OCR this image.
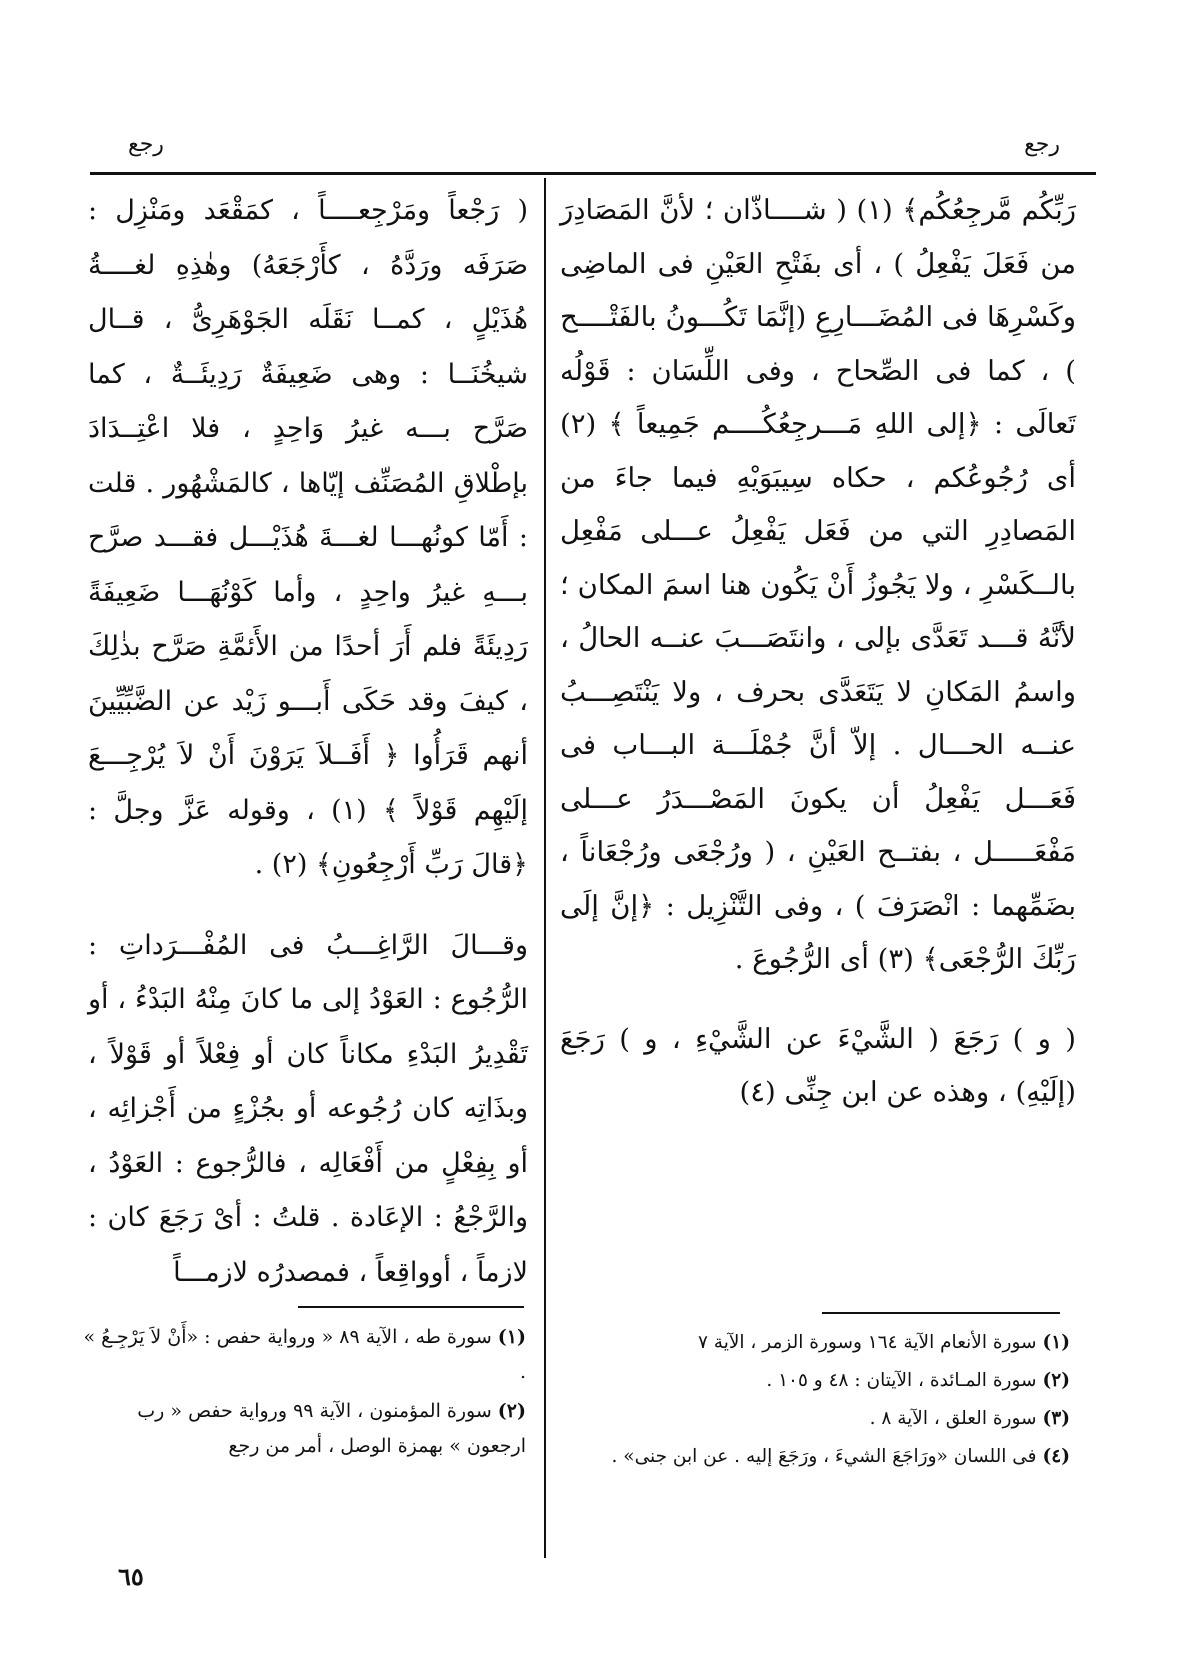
رجع
رجع

رَبِّكُم مَّرجِعُكُم﴾ (١) ( شــــاذّان ؛ لأنَّ المَصَادِرَ من فَعَلَ يَفْعِلُ ) ، أى بفَتْحِ العَيْنِ فى الماضِى وكَسْرِهَا فى المُضَـــارِعِ (إنَّمَا تَكُـــونُ بالفَتْــــح ) ، كما فى الصِّحاح ، وفى اللِّسَان : قَوْلُه تَعالَى : ﴿إلى اللهِ مَـــرجِعُكُــــم جَمِيعاً ﴾ (٢) أى رُجُوعُكم ، حكاه سِيبَوَيْهِ فيما جاءَ من المَصادِرِ التي من فَعَل يَفْعِلُ عـــلى مَفْعِل بالــكَسْرِ ، ولا يَجُوزُ أَنْ يَكُون هنا اسمَ المكان ؛ لأنَّهُ قـــد تَعَدَّى بإلى ، وانتَصَـــبَ عنــه الحالُ ، واسمُ المَكانِ لا يَتَعَدَّى بحرف ، ولا يَنْتَصِـــبُ عنــه الحـــال . إلاّ أنَّ جُمْلَـــة البـــاب فى فَعَـــل يَفْعِلُ أن يكونَ المَصْـــدَرُ عـــلى مَفْعَـــــل ، بفتــح العَيْنِ ، ( ورُجْعَى ورُجْعَاناً ، بضَمِّهما : انْصَرَفَ ) ، وفى التَّنْزِيل : ﴿إنَّ إلَى رَبِّكَ الرُّجْعَى﴾ (٣) أى الرُّجُوعَ .

( و ) رَجَعَ ( الشَّيْءَ عن الشَّيْءِ ، و ) رَجَعَ (إلَيْهِ) ، وهذه عن ابن جِنِّى (٤)

( رَجْعاً ومَرْجِعــــاً ، كمَقْعَد ومَنْزِل : صَرَفَه ورَدَّهُ ، كأَرْجَعَهُ) وهٰذِهِ لغــــةُ هُذَيْلٍ ، كمــا نَقَلَه الجَوْهَرِىُّ ، قــال شيخُنَــا : وهى ضَعِيفَةٌ رَدِيئَــةٌ ، كما صَرَّح بـــه غيرُ وَاحِدٍ ، فلا اعْتِــدَادَ بإطْلاقِ المُصَنِّف إيّاها ، كالمَشْهُور . قلت : أَمّا كونُهـــا لغـــةَ هُذَيْـــل فقـــد صرَّح بـــهِ غيرُ واحِدٍ ، وأما كَوْنُهَـــا ضَعِيفَةً رَدِيئَةً فلم أَرَ أحدًا من الأَئمَّةِ صَرَّح بذٰلِكَ ، كيفَ وقد حَكَى أَبـــو زَيْد عن الضَّبِّيِّينَ أنهم قَرَأُوا ﴿ أَفَــلاَ يَرَوْنَ أَنْ لاَ يُرْجِـــعَ إلَيْهِم قَوْلاً ﴾ (١) ، وقوله عَزَّ وجلَّ : ﴿قالَ رَبِّ أَرْجِعُونِ﴾ (٢) .

وقـــالَ الرَّاغِـــبُ فى المُفْـــرَداتِ : الرُّجُوع : العَوْدُ إلى ما كانَ مِنْهُ البَدْءُ ، أو تَقْدِيرُ البَدْءِ مكاناً كان أو فِعْلاً أو قَوْلاً ، وبذَاتِه كان رُجُوعه أو بجُزْءٍ من أَجْزائِه ، أو بِفِعْلٍ من أَفْعَالِه ، فالرُّجوع : العَوْدُ ، والرَّجْعُ : الإعَادة . قلتُ : أىْ رَجَعَ كان : لازماً ، أوواقِعاً ، فمصدرُه لازمـــاً

(١)سورة الأنعام الآية ١٦٤ وسورة الزمر ، الآية ٧

(٢)سورة المـائدة ، الآيتان : ٤٨ و ١٠٥ .

(٣)سورة العلق ، الآية ٨ .

(٤)فى اللسان «ورَاجَعَ الشيءَ ، ورَجَعَ إليه . عن ابن جنى» .

(١)سورة طه ، الآية ٨٩ « ورواية حفص : «أَنْ لاَ يَرْجِـعُ » .

(٢)سورة المؤمنون ، الآية ٩٩ ورواية حفص « رب ارجعون » بهمزة الوصل ، أمر من رجع

٦٥
